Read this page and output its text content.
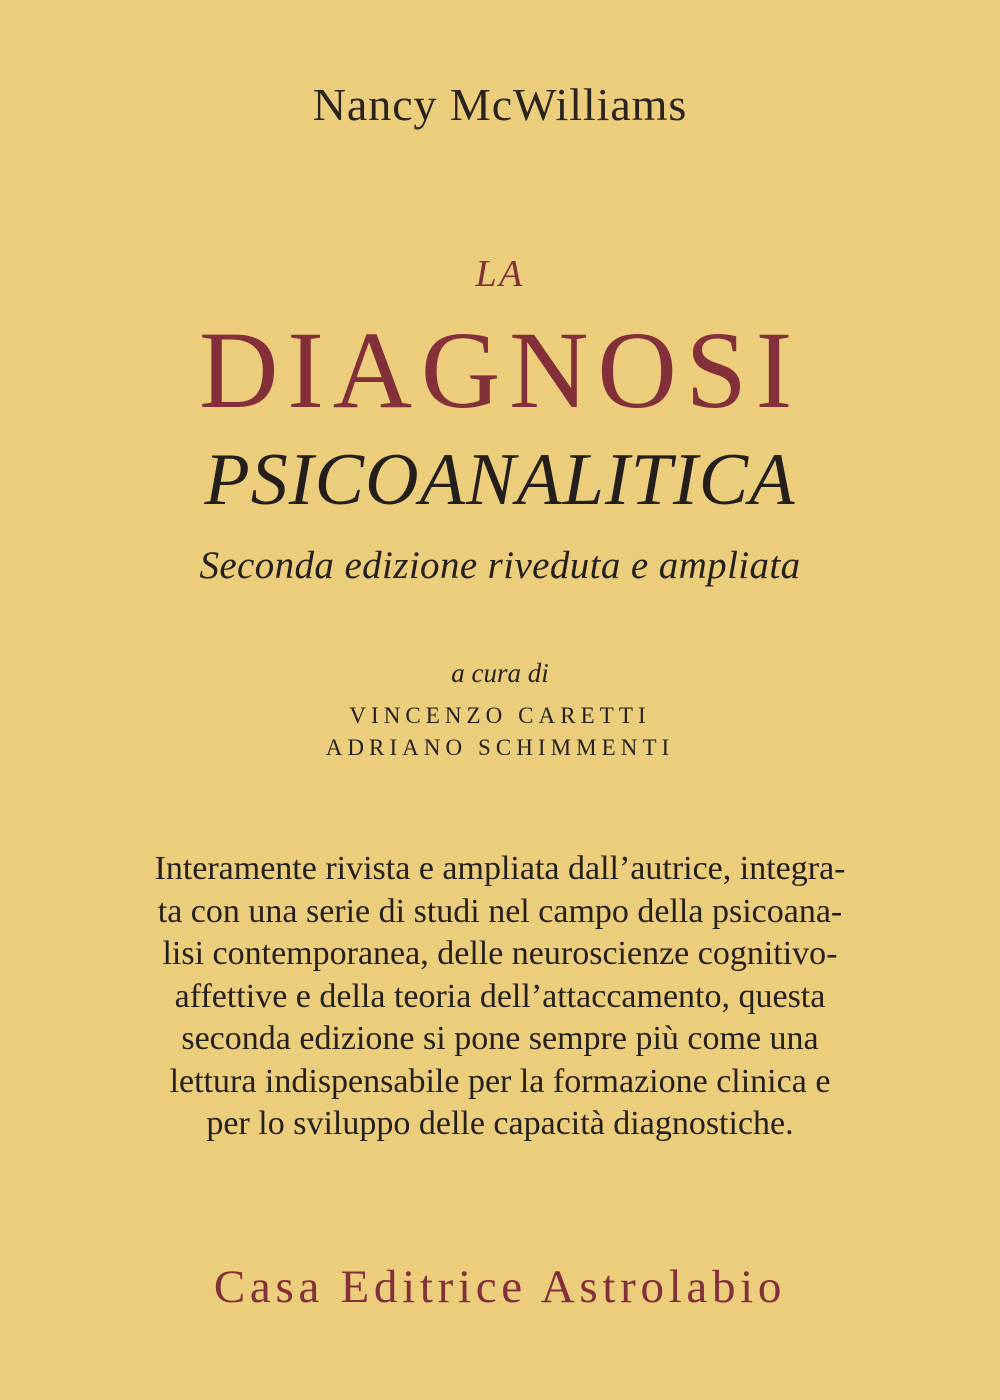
Nancy McWilliams
LA
DIAGNOSI
PSICOANALITICA
Seconda edizione riveduta e ampliata
a cura di
VINCENZO CARETTI
ADRIANO SCHIMMENTI
Interamente rivista e ampliata dall’autrice, integra-
ta con una serie di studi nel campo della psicoana-
lisi contemporanea, delle neuroscienze cognitivo-
affettive e della teoria dell’attaccamento, questa
seconda edizione si pone sempre più come una
lettura indispensabile per la formazione clinica e
per lo sviluppo delle capacità diagnostiche.
Casa Editrice Astrolabio
